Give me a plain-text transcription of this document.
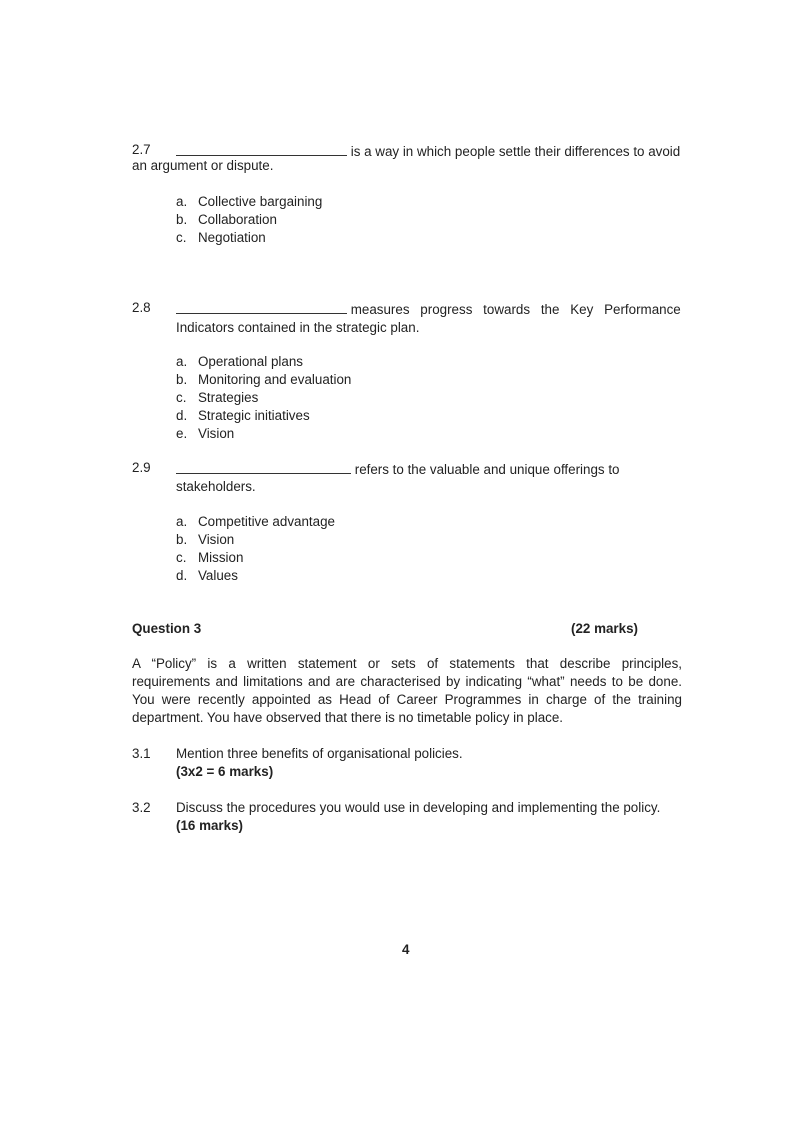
2.7	is a way in which people settle their differences to avoid
an argument or dispute.
a. Collective bargaining
b. Collaboration
c. Negotiation
2.8	measures progress towards the Key Performance
Indicators contained in the strategic plan.
a. Operational plans
b. Monitoring and evaluation
c. Strategies
d. Strategic initiatives
e. Vision
2.9	refers to the valuable and unique offerings to
stakeholders.
a. Competitive advantage
b. Vision
c. Mission
d. Values
Question 3	(22 marks)
A “Policy” is a written statement or sets of statements that describe principles,
requirements and limitations and are characterised by indicating “what” needs to be done.
You were recently appointed as Head of Career Programmes in charge of the training
department. You have observed that there is no timetable policy in place.
3.1 Mention three benefits of organisational policies.
(3x2 = 6 marks)
3.2 Discuss the procedures you would use in developing and implementing the policy.
(16 marks)
4
